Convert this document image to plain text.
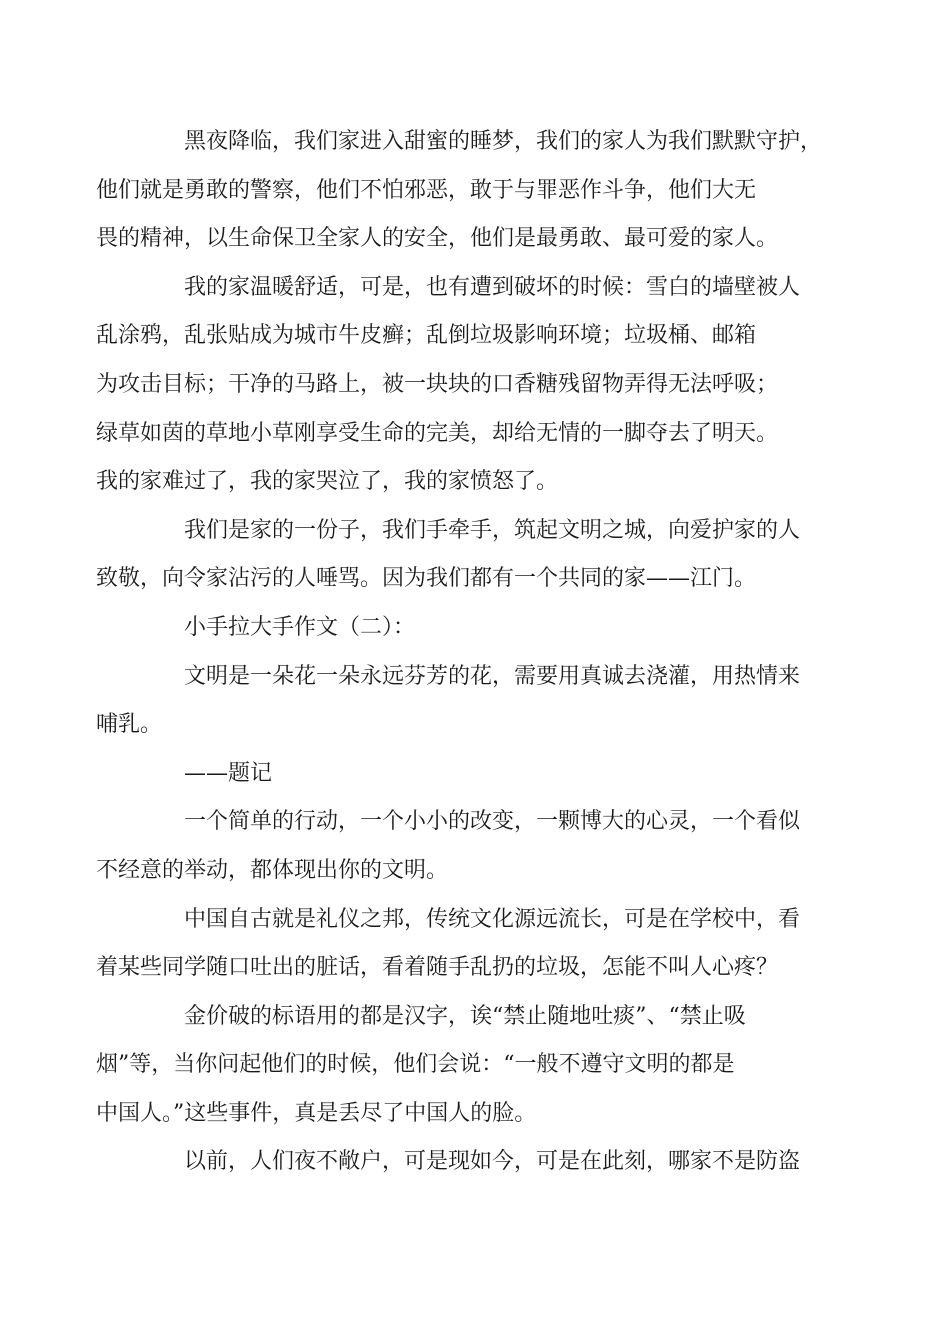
黑夜降临，我们家进入甜蜜的睡梦，我们的家人为我们默默守护，
他们就是勇敢的警察，他们不怕邪恶，敢于与罪恶作斗争，他们大无
畏的精神，以生命保卫全家人的安全，他们是最勇敢、最可爱的家人。
我的家温暖舒适，可是，也有遭到破坏的时候：雪白的墙壁被人
乱涂鸦，乱张贴成为城市牛皮癣；乱倒垃圾影响环境；垃圾桶、邮箱
为攻击目标；干净的马路上，被一块块的口香糖残留物弄得无法呼吸；
绿草如茵的草地小草刚享受生命的完美，却给无情的一脚夺去了明天。
我的家难过了，我的家哭泣了，我的家愤怒了。
我们是家的一份子，我们手牵手，筑起文明之城，向爱护家的人
致敬，向令家沾污的人唾骂。因为我们都有一个共同的家——江门。
小手拉大手作文（二）：
文明是一朵花一朵永远芬芳的花，需要用真诚去浇灌，用热情来
哺乳。
——题记
一个简单的行动，一个小小的改变，一颗博大的心灵，一个看似
不经意的举动，都体现出你的文明。
中国自古就是礼仪之邦，传统文化源远流长，可是在学校中，看
着某些同学随口吐出的脏话，看着随手乱扔的垃圾，怎能不叫人心疼？
金价破的标语用的都是汉字，诶“禁止随地吐痰”、“禁止吸
烟”等，当你问起他们的时候，他们会说：“一般不遵守文明的都是
中国人。”这些事件，真是丢尽了中国人的脸。
以前，人们夜不敞户，可是现如今，可是在此刻，哪家不是防盗
